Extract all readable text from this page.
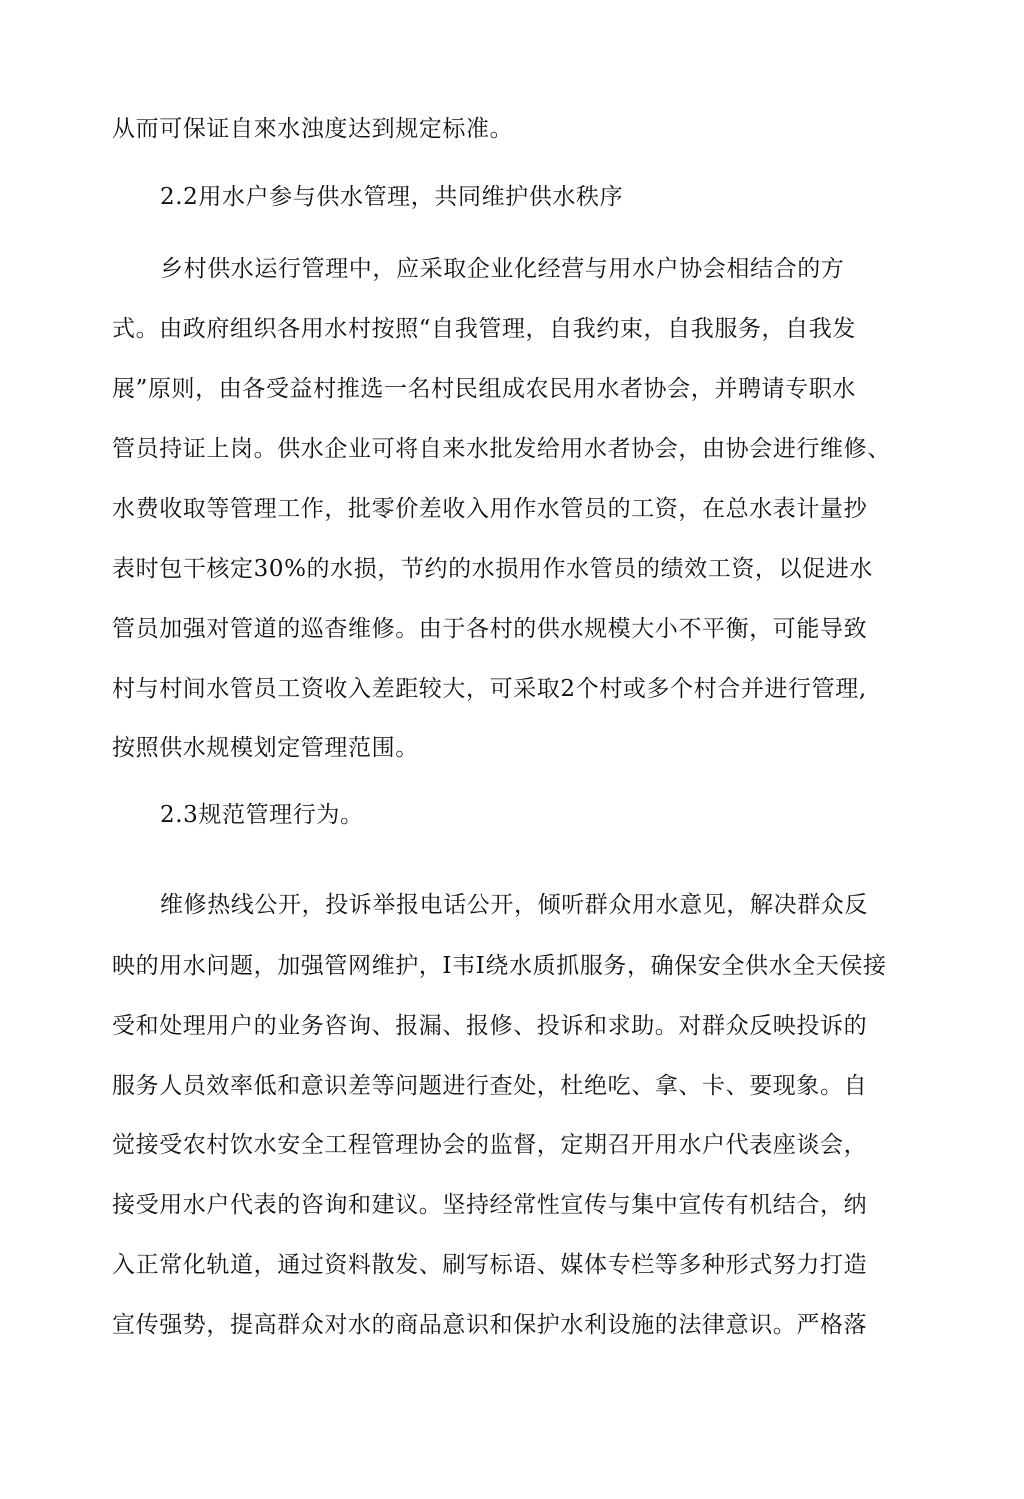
从而可保证自來水浊度达到规定标准。
2.2用水户参与供水管理，共同维护供水秩序
乡村供水运行管理中，应采取企业化经营与用水户协会相结合的方
式。由政府组织各用水村按照“自我管理，自我约束，自我服务，自我发
展”原则，由各受益村推选一名村民组成农民用水者协会，并聘请专职水
管员持证上岗。供水企业可将自来水批发给用水者协会，由协会进行维修、
水费收取等管理工作，批零价差收入用作水管员的工资，在总水表计量抄
表时包干核定30%的水损，节约的水损用作水管员的绩效工资，以促进水
管员加强对管道的巡杳维修。由于各村的供水规模大小不平衡，可能导致
村与村间水管员工资收入差距较大，可采取2个村或多个村合并进行管理,
按照供水规模划定管理范围。
2.3规范管理行为。
维修热线公开，投诉举报电话公开，倾听群众用水意见，解决群众反
映的用水问题，加强管网维护，I韦I绕水质抓服务，确保安全供水全天侯接
受和处理用户的业务咨询、报漏、报修、投诉和求助。对群众反映投诉的
服务人员效率低和意识差等问题进行查处，杜绝吃、拿、卡、要现象。自
觉接受农村饮水安全工程管理协会的监督，定期召开用水户代表座谈会，
接受用水户代表的咨询和建议。坚持经常性宣传与集中宣传有机结合，纳
入正常化轨道，通过资料散发、刷写标语、媒体专栏等多种形式努力打造
宣传强势，提高群众对水的商品意识和保护水利设施的法律意识。严格落
